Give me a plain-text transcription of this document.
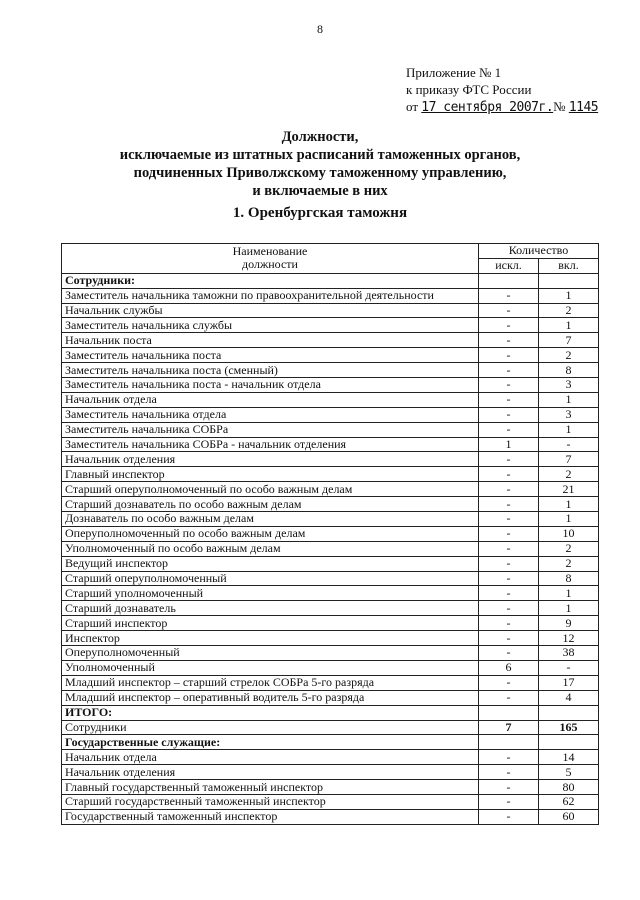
8
Приложение № 1
к приказу ФТС России
от 17 сентября 2007г.№ 1145
Должности,
исключаемые из штатных расписаний таможенных органов,
подчиненных Приволжскому таможенному управлению,
и включаемые в них
1. Оренбургская таможня
Наименование
должности	Количество	
	искл.	вкл.
Сотрудники:		
Заместитель начальника таможни по правоохранительной деятельности	-	1
Начальник службы	-	2
Заместитель начальника службы	-	1
Начальник поста	-	7
Заместитель начальника поста	-	2
Заместитель начальника поста (сменный)	-	8
Заместитель начальника поста - начальник отдела	-	3
Начальник отдела	-	1
Заместитель начальника отдела	-	3
Заместитель начальника СОБРа	-	1
Заместитель начальника СОБРа - начальник отделения	1	-
Начальник отделения	-	7
Главный инспектор	-	2
Старший оперуполномоченный по особо важным делам	-	21
Старший дознаватель по особо важным делам	-	1
Дознаватель по особо важным делам	-	1
Оперуполномоченный по особо важным делам	-	10
Уполномоченный по особо важным делам	-	2
Ведущий инспектор	-	2
Старший оперуполномоченный	-	8
Старший уполномоченный	-	1
Старший дознаватель	-	1
Старший инспектор	-	9
Инспектор	-	12
Оперуполномоченный	-	38
Уполномоченный	6	-
Младший инспектор – старший стрелок СОБРа 5-го разряда	-	17
Младший инспектор – оперативный водитель 5-го разряда	-	4
ИТОГО:		
Сотрудники	7	165
Государственные служащие:		
Начальник отдела	-	14
Начальник отделения	-	5
Главный государственный таможенный инспектор	-	80
Старший государственный таможенный инспектор	-	62
Государственный таможенный инспектор	-	60
